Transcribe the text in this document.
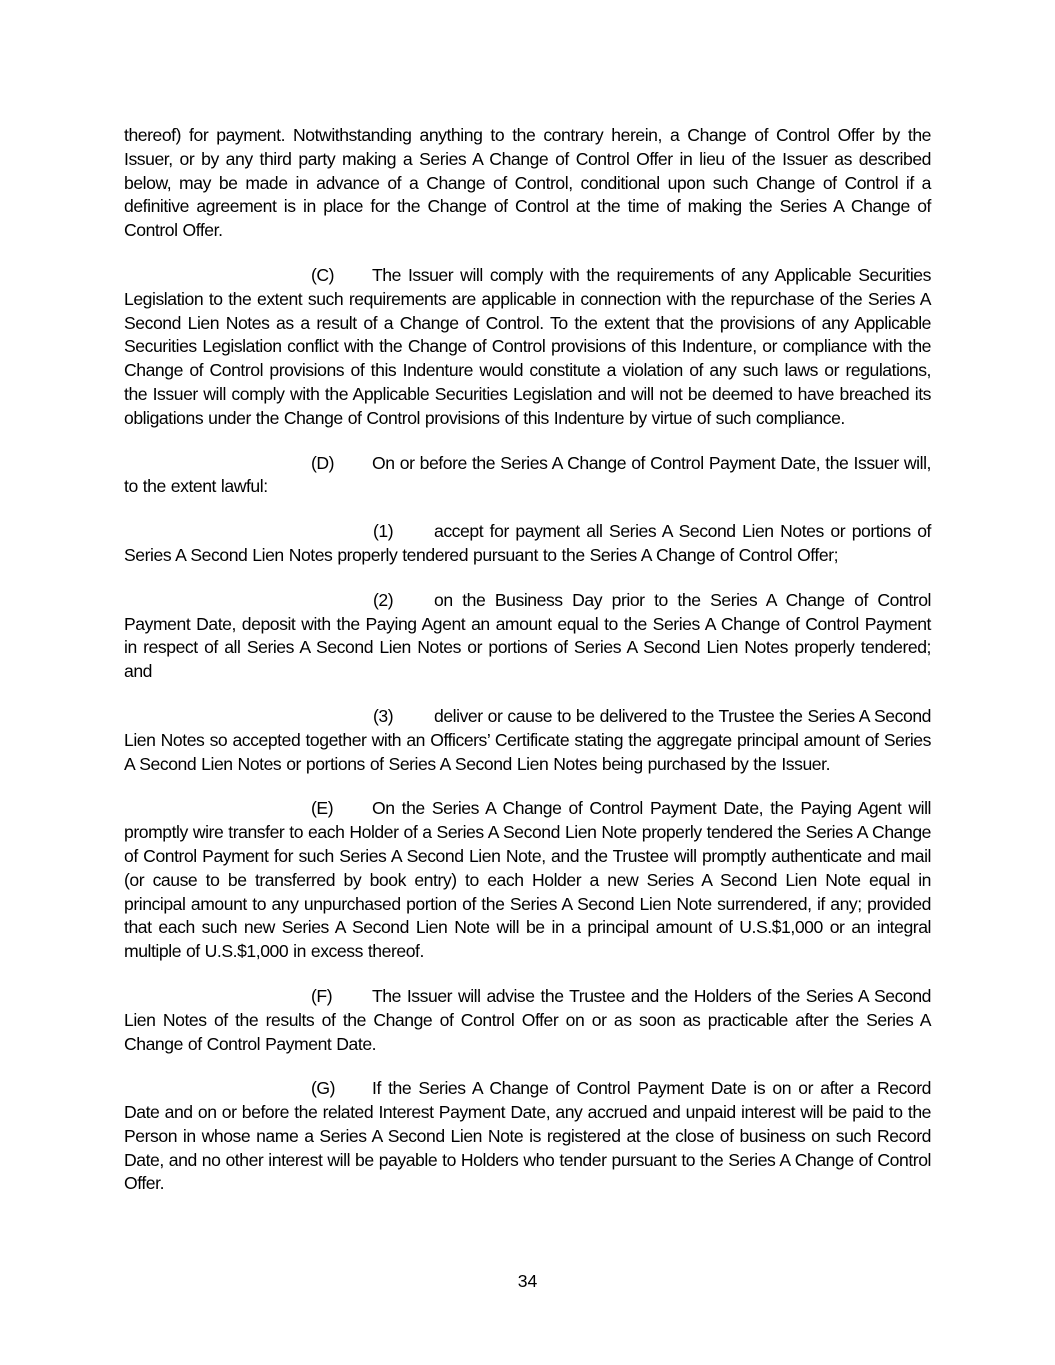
thereof) for payment. Notwithstanding anything to the contrary herein, a Change of Control Offer by the Issuer, or by any third party making a Series A Change of Control Offer in lieu of the Issuer as described below, may be made in advance of a Change of Control, conditional upon such Change of Control if a definitive agreement is in place for the Change of Control at the time of making the Series A Change of Control Offer.

(C) The Issuer will comply with the requirements of any Applicable Securities Legislation to the extent such requirements are applicable in connection with the repurchase of the Series A Second Lien Notes as a result of a Change of Control. To the extent that the provisions of any Applicable Securities Legislation conflict with the Change of Control provisions of this Indenture, or compliance with the Change of Control provisions of this Indenture would constitute a violation of any such laws or regulations, the Issuer will comply with the Applicable Securities Legislation and will not be deemed to have breached its obligations under the Change of Control provisions of this Indenture by virtue of such compliance.

(D) On or before the Series A Change of Control Payment Date, the Issuer will, to the extent lawful:

(1) accept for payment all Series A Second Lien Notes or portions of Series A Second Lien Notes properly tendered pursuant to the Series A Change of Control Offer;

(2) on the Business Day prior to the Series A Change of Control Payment Date, deposit with the Paying Agent an amount equal to the Series A Change of Control Payment in respect of all Series A Second Lien Notes or portions of Series A Second Lien Notes properly tendered; and

(3) deliver or cause to be delivered to the Trustee the Series A Second Lien Notes so accepted together with an Officers’ Certificate stating the aggregate principal amount of Series A Second Lien Notes or portions of Series A Second Lien Notes being purchased by the Issuer.

(E) On the Series A Change of Control Payment Date, the Paying Agent will promptly wire transfer to each Holder of a Series A Second Lien Note properly tendered the Series A Change of Control Payment for such Series A Second Lien Note, and the Trustee will promptly authenticate and mail (or cause to be transferred by book entry) to each Holder a new Series A Second Lien Note equal in principal amount to any unpurchased portion of the Series A Second Lien Note surrendered, if any; provided that each such new Series A Second Lien Note will be in a principal amount of U.S.$1,000 or an integral multiple of U.S.$1,000 in excess thereof.

(F) The Issuer will advise the Trustee and the Holders of the Series A Second Lien Notes of the results of the Change of Control Offer on or as soon as practicable after the Series A Change of Control Payment Date.

(G) If the Series A Change of Control Payment Date is on or after a Record Date and on or before the related Interest Payment Date, any accrued and unpaid interest will be paid to the Person in whose name a Series A Second Lien Note is registered at the close of business on such Record Date, and no other interest will be payable to Holders who tender pursuant to the Series A Change of Control Offer.

34
